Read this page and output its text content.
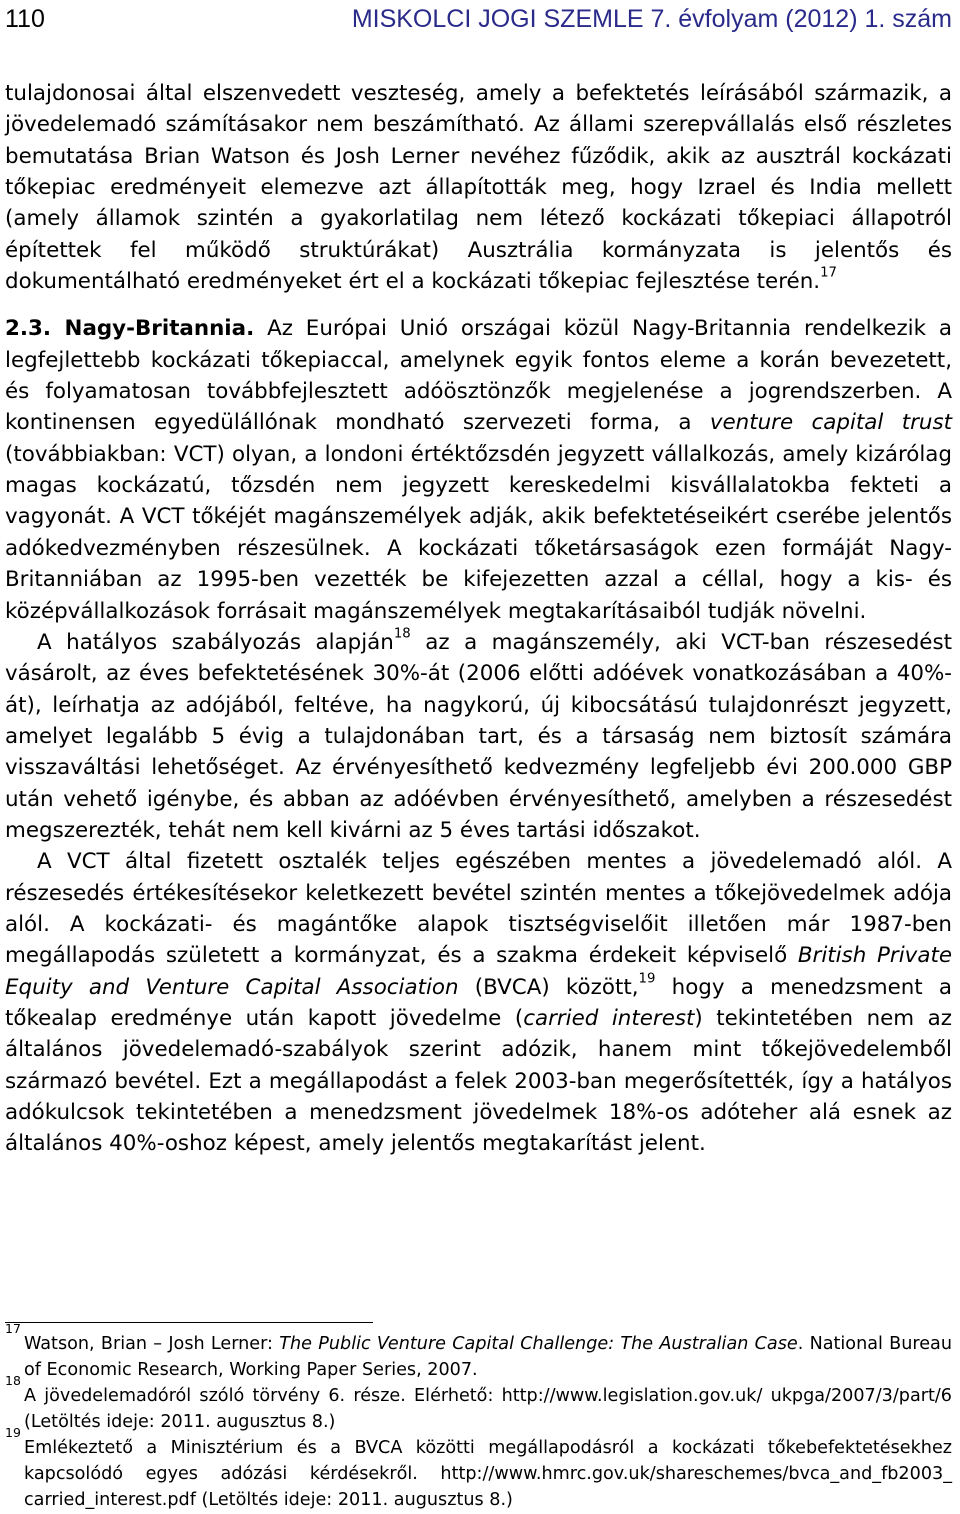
110	MISKOLCI JOGI SZEMLE 7. évfolyam (2012) 1. szám

tulajdonosai által elszenvedett veszteség, amely a befektetés leírásából származik, a jövedelemadó számításakor nem beszámítható. Az állami szerepvállalás első részletes bemutatása Brian Watson és Josh Lerner nevéhez fűződik, akik az ausztrál kockázati tőkepiac eredményeit elemezve azt állapították meg, hogy Izrael és India mellett (amely államok szintén a gyakorlatilag nem létező kockázati tőkepiaci állapotról építettek fel működő struktúrákat) Ausztrália kormányzata is jelentős és dokumentálható eredményeket ért el a kockázati tőkepiac fejlesztése terén.$^{17}$

2.3. Nagy-Britannia. Az Európai Unió országai közül Nagy-Britannia rendelkezik a legfejlettebb kockázati tőkepiaccal, amelynek egyik fontos eleme a korán bevezetett, és folyamatosan továbbfejlesztett adóösztönzők megjelenése a jogrendszerben. A kontinensen egyedülállónak mondható szervezeti forma, a venture capital trust (továbbiakban: VCT) olyan, a londoni értéktőzsdén jegyzett vállalkozás, amely kizárólag magas kockázatú, tőzsdén nem jegyzett kereskedelmi kisvállalatokba fekteti a vagyonát. A VCT tőkéjét magánszemélyek adják, akik befektetéseikért cserébe jelentős adókedvezményben részesülnek. A kockázati tőketársaságok ezen formáját Nagy-Britanniában az 1995-ben vezették be kifejezetten azzal a céllal, hogy a kis- és középvállalkozások forrásait magánszemélyek megtakarításaiból tudják növelni.

A hatályos szabályozás alapján$^{18}$ az a magánszemély, aki VCT-ban részesedést vásárolt, az éves befektetésének 30%-át (2006 előtti adóévek vonatkozásában a 40%-át), leírhatja az adójából, feltéve, ha nagykorú, új kibocsátású tulajdonrészt jegyzett, amelyet legalább 5 évig a tulajdonában tart, és a társaság nem biztosít számára visszaváltási lehetőséget. Az érvényesíthető kedvezmény legfeljebb évi 200.000 GBP után vehető igénybe, és abban az adóévben érvényesíthető, amelyben a részesedést megszerezték, tehát nem kell kivárni az 5 éves tartási időszakot.

A VCT által fizetett osztalék teljes egészében mentes a jövedelemadó alól. A részesedés értékesítésekor keletkezett bevétel szintén mentes a tőkejövedelmek adója alól. A kockázati- és magántőke alapok tisztségviselőit illetően már 1987-ben megállapodás született a kormányzat, és a szakma érdekeit képviselő British Private Equity and Venture Capital Association (BVCA) között,$^{19}$ hogy a menedzsment a tőkealap eredménye után kapott jövedelme (carried interest) tekintetében nem az általános jövedelemadó-szabályok szerint adózik, hanem mint tőkejövedelemből származó bevétel. Ezt a megállapodást a felek 2003-ban megerősítették, így a hatályos adókulcsok tekintetében a menedzsment jövedelmek 18%-os adóteher alá esnek az általános 40%-oshoz képest, amely jelentős megtakarítást jelent.

17

Watson, Brian – Josh Lerner: The Public Venture Capital Challenge: The Australian Case. National Bureau of Economic Research, Working Paper Series, 2007.

18

A jövedelemadóról szóló törvény 6. része. Elérhető: http://www.legislation.gov.uk/ ukpga/2007/3/part/6 (Letöltés ideje: 2011. augusztus 8.)

19

Emlékeztető a Minisztérium és a BVCA közötti megállapodásról a kockázati tőkebefektetésekhez kapcsolódó egyes adózási kérdésekről. http://www.hmrc.gov.uk/shareschemes/bvca_and_fb2003_ carried_interest.pdf (Letöltés ideje: 2011. augusztus 8.)
